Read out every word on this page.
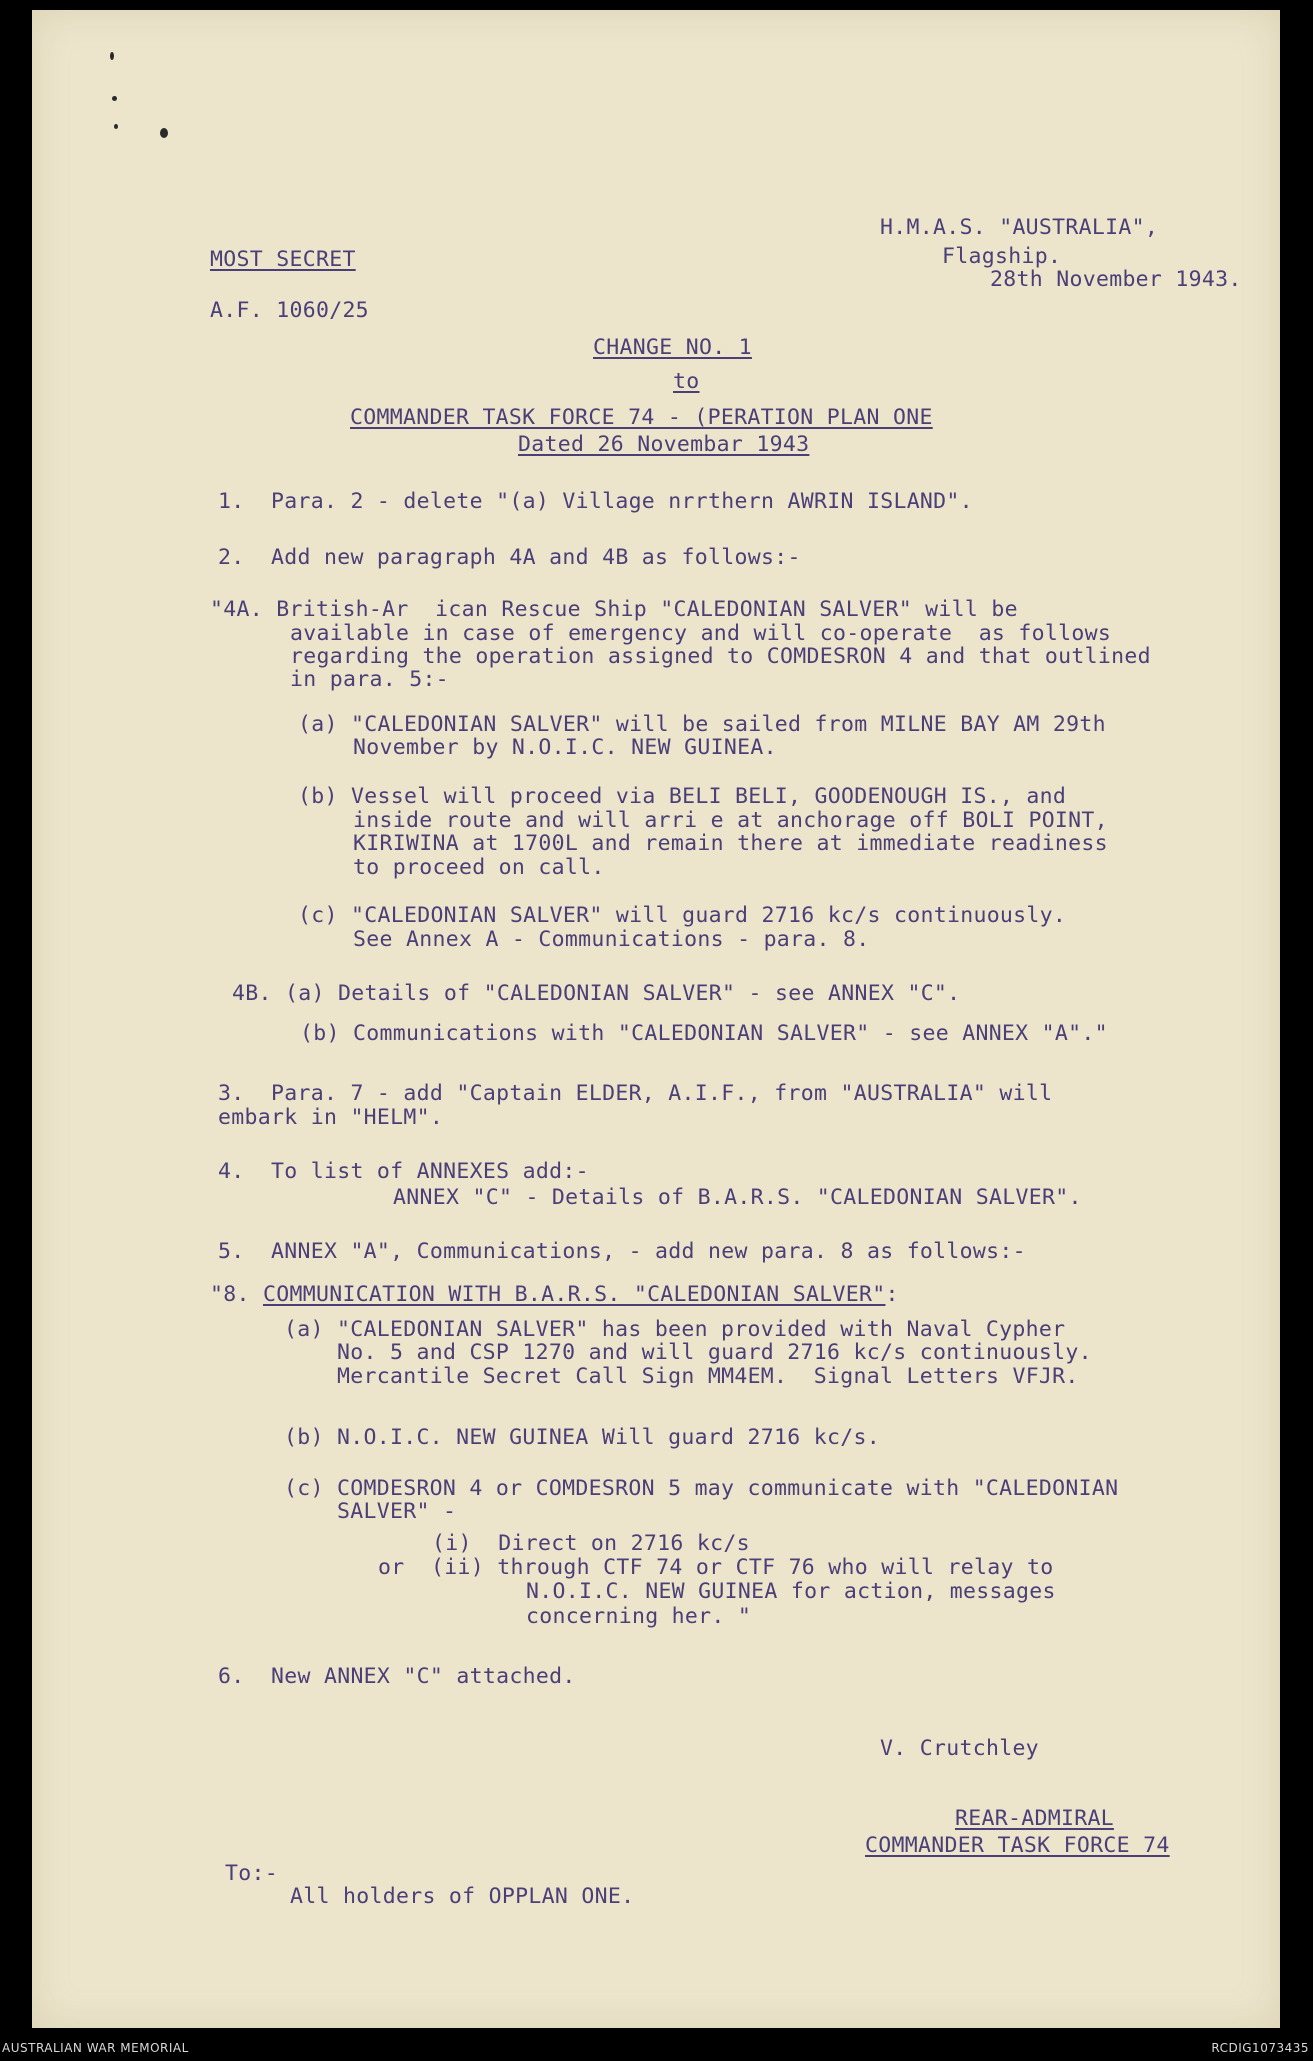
H.M.A.S. "AUSTRALIA",
Flagship.
28th November 1943.
MOST SECRET
A.F. 1060/25
CHANGE NO. 1
to
COMMANDER TASK FORCE 74 - (PERATION PLAN ONE
Dated 26 Novembar 1943
1.  Para. 2 - delete "(a) Village nrrthern AWRIN ISLAND".
2.  Add new paragraph 4A and 4B as follows:-
"4A. British-Ar  ican Rescue Ship "CALEDONIAN SALVER" will be
available in case of emergency and will co-operate  as follows
regarding the operation assigned to COMDESRON 4 and that outlined
in para. 5:-
(a) "CALEDONIAN SALVER" will be sailed from MILNE BAY AM 29th
November by N.O.I.C. NEW GUINEA.
(b) Vessel will proceed via BELI BELI, GOODENOUGH IS., and
inside route and will arri e at anchorage off BOLI POINT,
KIRIWINA at 1700L and remain there at immediate readiness
to proceed on call.
(c) "CALEDONIAN SALVER" will guard 2716 kc/s continuously.
See Annex A - Communications - para. 8.
4B. (a) Details of "CALEDONIAN SALVER" - see ANNEX "C".
(b) Communications with "CALEDONIAN SALVER" - see ANNEX "A"."
3.  Para. 7 - add "Captain ELDER, A.I.F., from "AUSTRALIA" will
embark in "HELM".
4.  To list of ANNEXES add:-
ANNEX "C" - Details of B.A.R.S. "CALEDONIAN SALVER".
5.  ANNEX "A", Communications, - add new para. 8 as follows:-
"8. COMMUNICATION WITH B.A.R.S. "CALEDONIAN SALVER":
(a) "CALEDONIAN SALVER" has been provided with Naval Cypher
No. 5 and CSP 1270 and will guard 2716 kc/s continuously.
Mercantile Secret Call Sign MM4EM.  Signal Letters VFJR.
(b) N.O.I.C. NEW GUINEA Will guard 2716 kc/s.
(c) COMDESRON 4 or COMDESRON 5 may communicate with "CALEDONIAN
SALVER" -
(i)  Direct on 2716 kc/s
or  (ii) through CTF 74 or CTF 76 who will relay to
N.O.I.C. NEW GUINEA for action, messages
concerning her. "
6.  New ANNEX "C" attached.
V. Crutchley
REAR-ADMIRAL
COMMANDER TASK FORCE 74
To:-
All holders of OPPLAN ONE.
AUSTRALIAN WAR MEMORIAL	RCDIG1073435
